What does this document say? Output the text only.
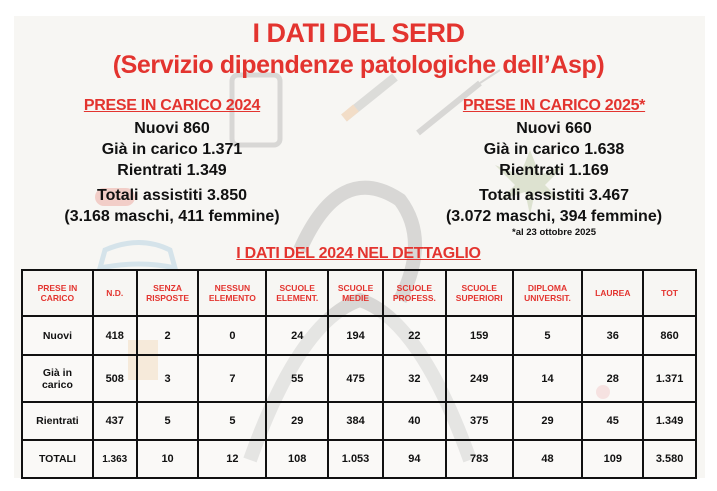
I DATI DEL SERD
(Servizio dipendenze patologiche dell’Asp)
PRESE IN CARICO 2024
Nuovi 860
Già in carico 1.371
Rientrati 1.349
Totali assistiti 3.850
(3.168 maschi, 411 femmine)
PRESE IN CARICO 2025*
Nuovi 660
Già in carico 1.638
Rientrati 1.169
Totali assistiti 3.467
(3.072 maschi, 394 femmine)
*al 23 ottobre 2025
I DATI DEL 2024 NEL DETTAGLIO
PRESE IN CARICO	N.D.	SENZA RISPOSTE	NESSUN ELEMENTO	SCUOLE ELEMENT.	SCUOLE MEDIE	SCUOLE PROFESS.	SCUOLE SUPERIORI	DIPLOMA UNIVERSIT.	LAUREA	TOT
Nuovi	418	2	0	24	194	22	159	5	36	860
Già in carico	508	3	7	55	475	32	249	14	28	1.371
Rientrati	437	5	5	29	384	40	375	29	45	1.349
TOTALI	1.363	10	12	108	1.053	94	783	48	109	3.580
